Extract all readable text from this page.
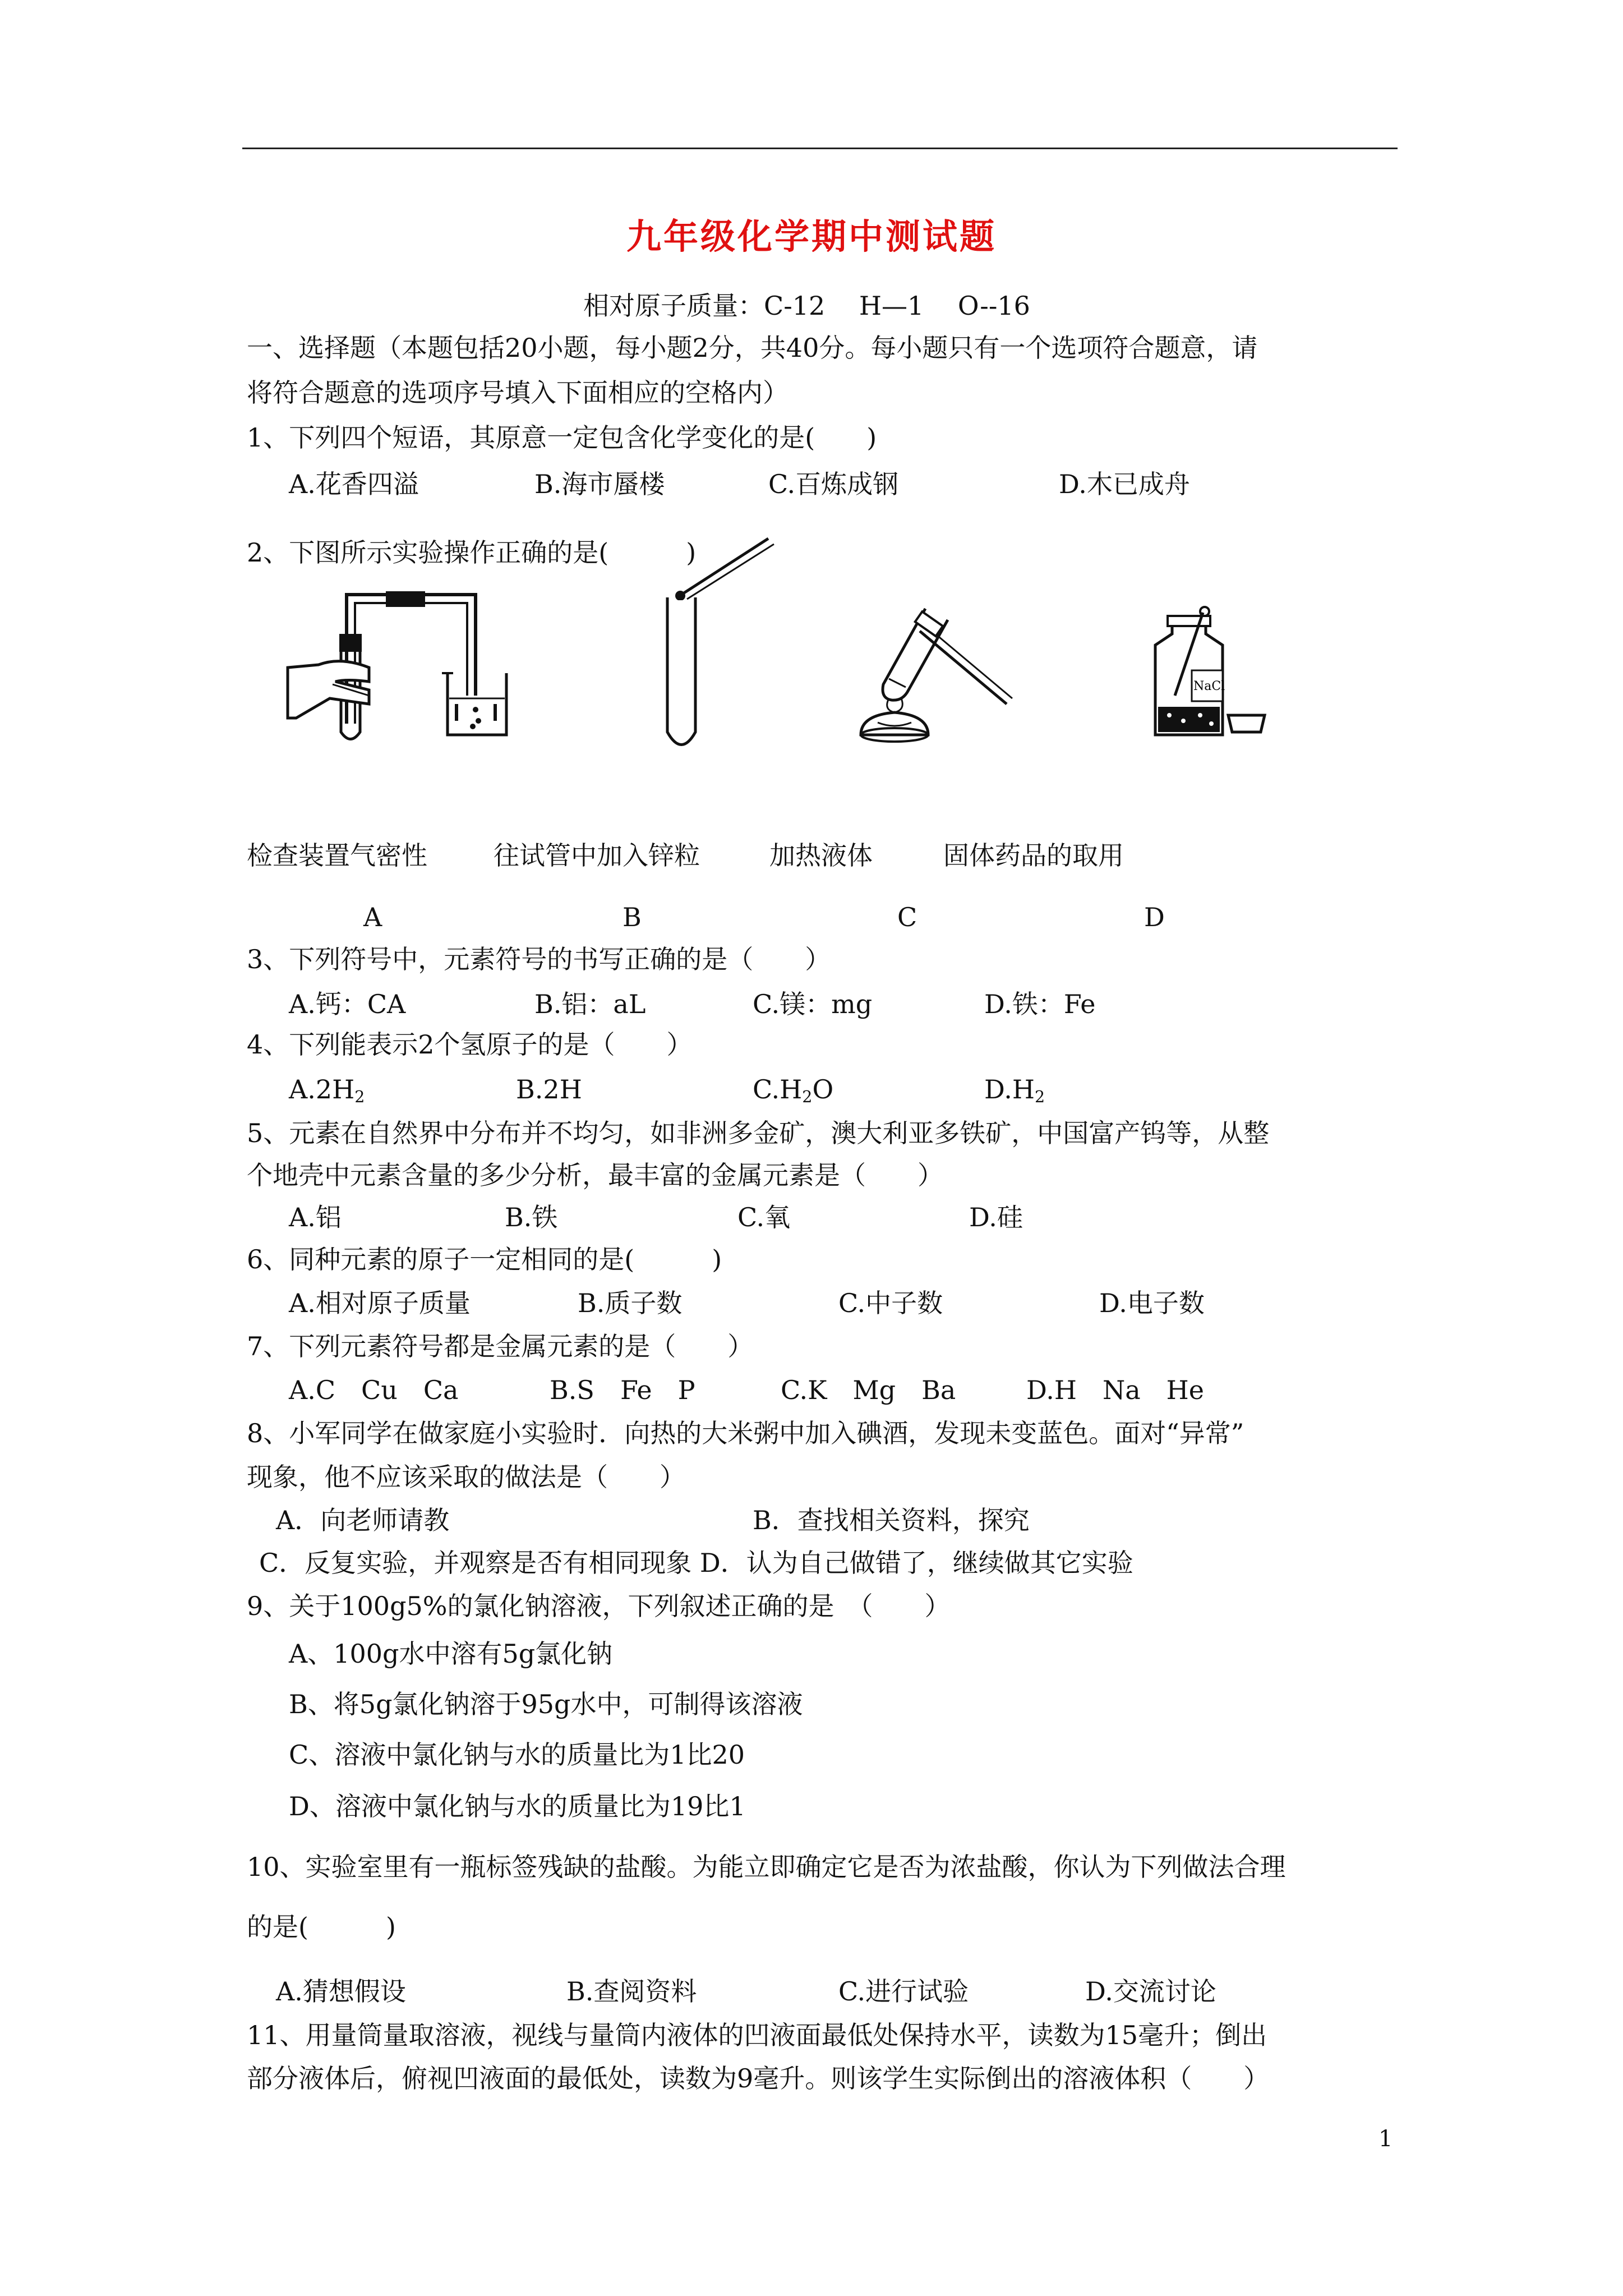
九年级化学期中测试题
相对原子质量：C-12　 H—1　 O--16
一、选择题（本题包括20小题，每小题2分，共40分。每小题只有一个选项符合题意，请
将符合题意的选项序号填入下面相应的空格内）
1、下列四个短语，其原意一定包含化学变化的是(　　)
A.花香四溢	B.海市蜃楼	C.百炼成钢	D.木已成舟
2、下图所示实验操作正确的是(　　　)
NaCl
检查装置气密性	往试管中加入锌粒	加热液体	固体药品的取用
A	B	C	D
3、下列符号中，元素符号的书写正确的是（　　）
A.钙：CA	B.铝：aL	C.镁：mg	D.铁：Fe
4、下列能表示2个氢原子的是（　　）
$A.2H_2$	B.2H	$C.H_2O$	$D.H_2$
5、元素在自然界中分布并不均匀，如非洲多金矿，澳大利亚多铁矿，中国富产钨等，从整
个地壳中元素含量的多少分析，最丰富的金属元素是（　　）
A.铝	B.铁	C.氧	D.硅
6、同种元素的原子一定相同的是(　　　)
A.相对原子质量	B.质子数	C.中子数	D.电子数
7、下列元素符号都是金属元素的是（　　）
A.C　Cu　Ca	B.S　Fe　P	C.K　Mg　Ba	D.H　Na　He
8、小军同学在做家庭小实验时．向热的大米粥中加入碘酒，发现未变蓝色。面对“异常”
现象，他不应该采取的做法是（　　）
A．向老师请教	B．查找相关资料，探究
C．反复实验，并观察是否有相同现象 D．认为自己做错了，继续做其它实验
9、关于100g5%的氯化钠溶液，下列叙述正确的是　（　　）
A、100g水中溶有5g氯化钠
B、将5g氯化钠溶于95g水中，可制得该溶液
C、溶液中氯化钠与水的质量比为1比20
D、溶液中氯化钠与水的质量比为19比1
10、实验室里有一瓶标签残缺的盐酸。为能立即确定它是否为浓盐酸，你认为下列做法合理
的是(　　　)
A.猜想假设	B.查阅资料	C.进行试验	D.交流讨论
11、用量筒量取溶液，视线与量筒内液体的凹液面最低处保持水平，读数为15毫升；倒出
部分液体后，俯视凹液面的最低处，读数为9毫升。则该学生实际倒出的溶液体积（　　）
1
